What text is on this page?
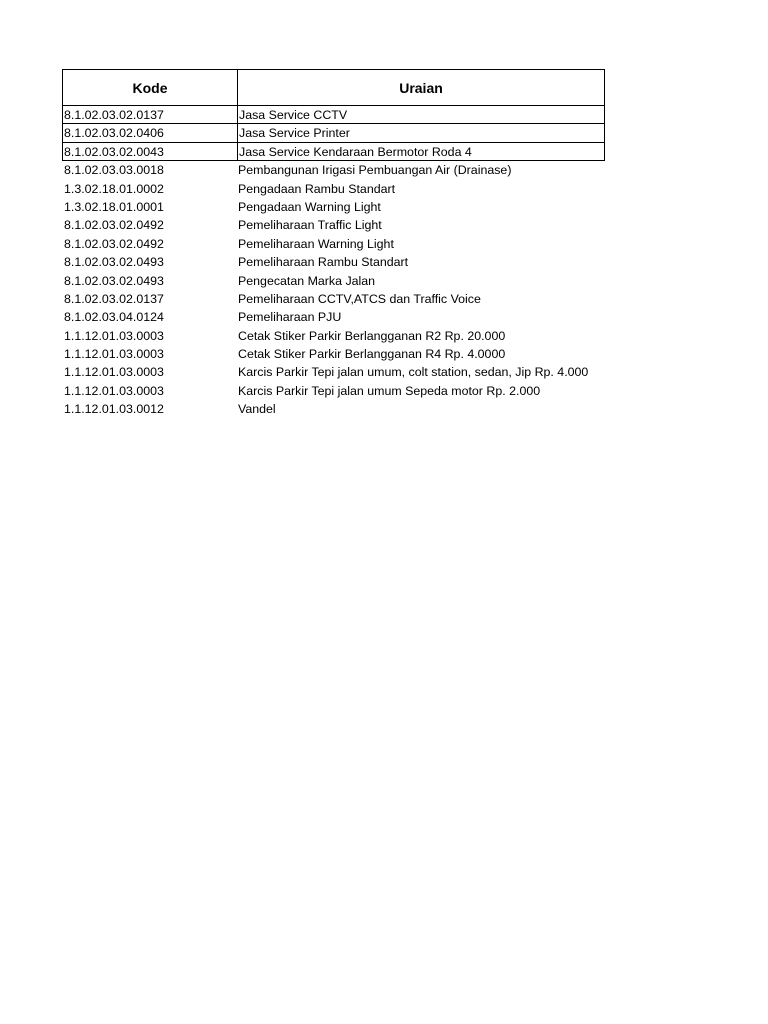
Kode	Uraian
8.1.02.03.02.0137	Jasa Service CCTV
8.1.02.03.02.0406	Jasa Service Printer
8.1.02.03.02.0043	Jasa Service Kendaraan Bermotor Roda 4
8.1.02.03.03.0018	Pembangunan Irigasi Pembuangan Air (Drainase)
1.3.02.18.01.0002	Pengadaan Rambu Standart
1.3.02.18.01.0001	Pengadaan Warning Light
8.1.02.03.02.0492	Pemeliharaan Traffic Light
8.1.02.03.02.0492	Pemeliharaan Warning Light
8.1.02.03.02.0493	Pemeliharaan Rambu Standart
8.1.02.03.02.0493	Pengecatan Marka Jalan
8.1.02.03.02.0137	Pemeliharaan CCTV,ATCS dan Traffic Voice
8.1.02.03.04.0124	Pemeliharaan PJU
1.1.12.01.03.0003	Cetak Stiker Parkir Berlangganan R2 Rp. 20.000
1.1.12.01.03.0003	Cetak Stiker Parkir Berlangganan R4 Rp. 4.0000
1.1.12.01.03.0003	Karcis Parkir Tepi jalan umum, colt station, sedan, Jip Rp. 4.000
1.1.12.01.03.0003	Karcis Parkir Tepi jalan umum Sepeda motor Rp. 2.000
1.1.12.01.03.0012	Vandel
